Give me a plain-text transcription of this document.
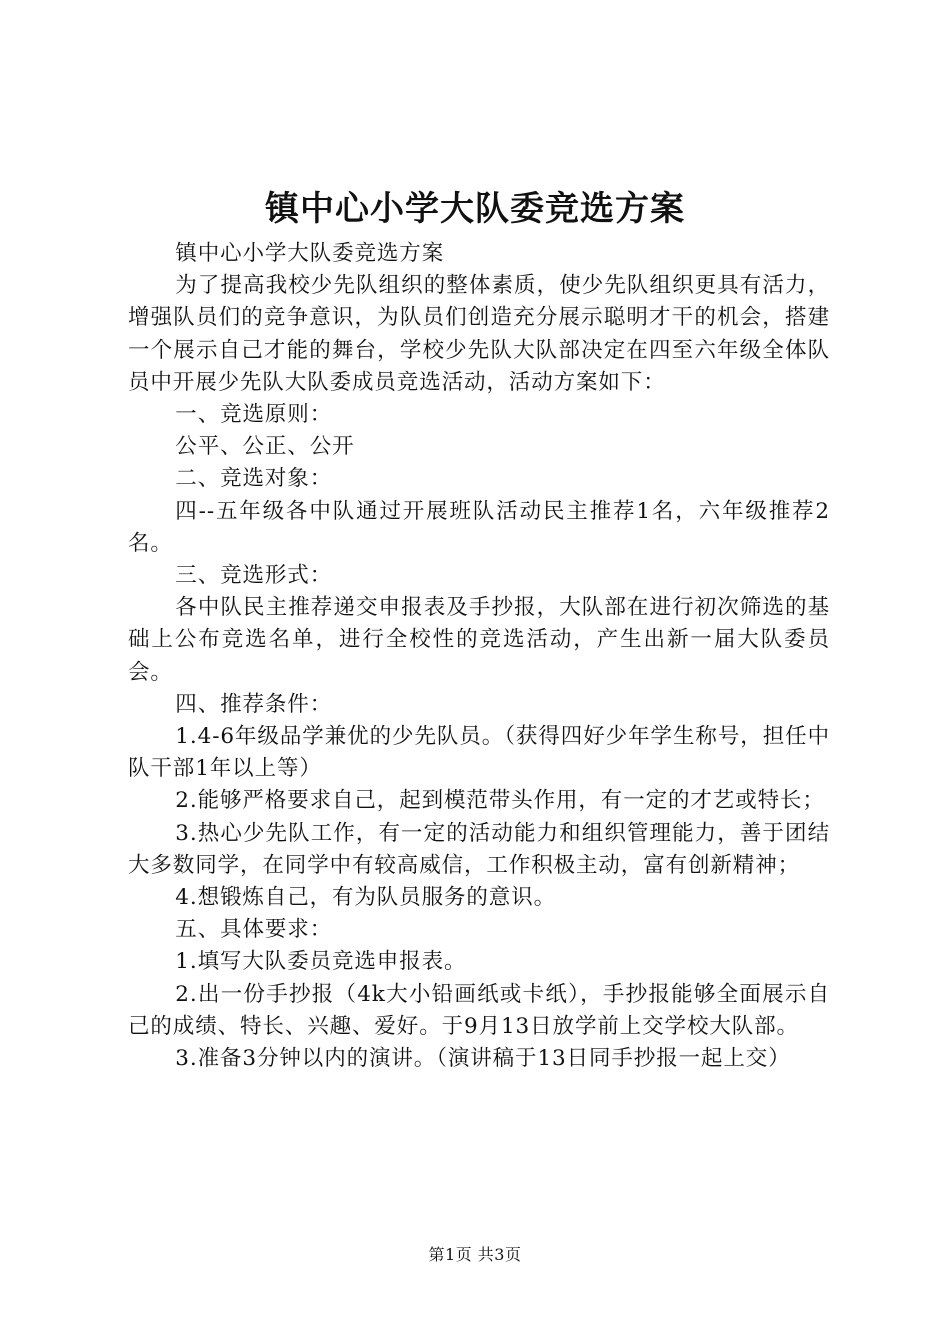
镇中心小学大队委竞选方案

镇中心小学大队委竞选方案

为了提高我校少先队组织的整体素质，使少先队组织更具有活力，增强队员们的竞争意识，为队员们创造充分展示聪明才干的机会，搭建一个展示自己才能的舞台，学校少先队大队部决定在四至六年级全体队员中开展少先队大队委成员竞选活动，活动方案如下：

一、竞选原则：

公平、公正、公开

二、竞选对象：

四--五年级各中队通过开展班队活动民主推荐1名，六年级推荐2名。

三、竞选形式：

各中队民主推荐递交申报表及手抄报，大队部在进行初次筛选的基础上公布竞选名单，进行全校性的竞选活动，产生出新一届大队委员会。

四、推荐条件：

1.4-6年级品学兼优的少先队员。（获得四好少年学生称号，担任中队干部1年以上等）

2.能够严格要求自己，起到模范带头作用，有一定的才艺或特长；

3.热心少先队工作，有一定的活动能力和组织管理能力，善于团结大多数同学，在同学中有较高威信，工作积极主动，富有创新精神；

4.想锻炼自己，有为队员服务的意识。

五、具体要求：

1.填写大队委员竞选申报表。

2.出一份手抄报（4k大小铅画纸或卡纸），手抄报能够全面展示自己的成绩、特长、兴趣、爱好。于9月13日放学前上交学校大队部。

3.准备3分钟以内的演讲。（演讲稿于13日同手抄报一起上交）

第1页 共3页
